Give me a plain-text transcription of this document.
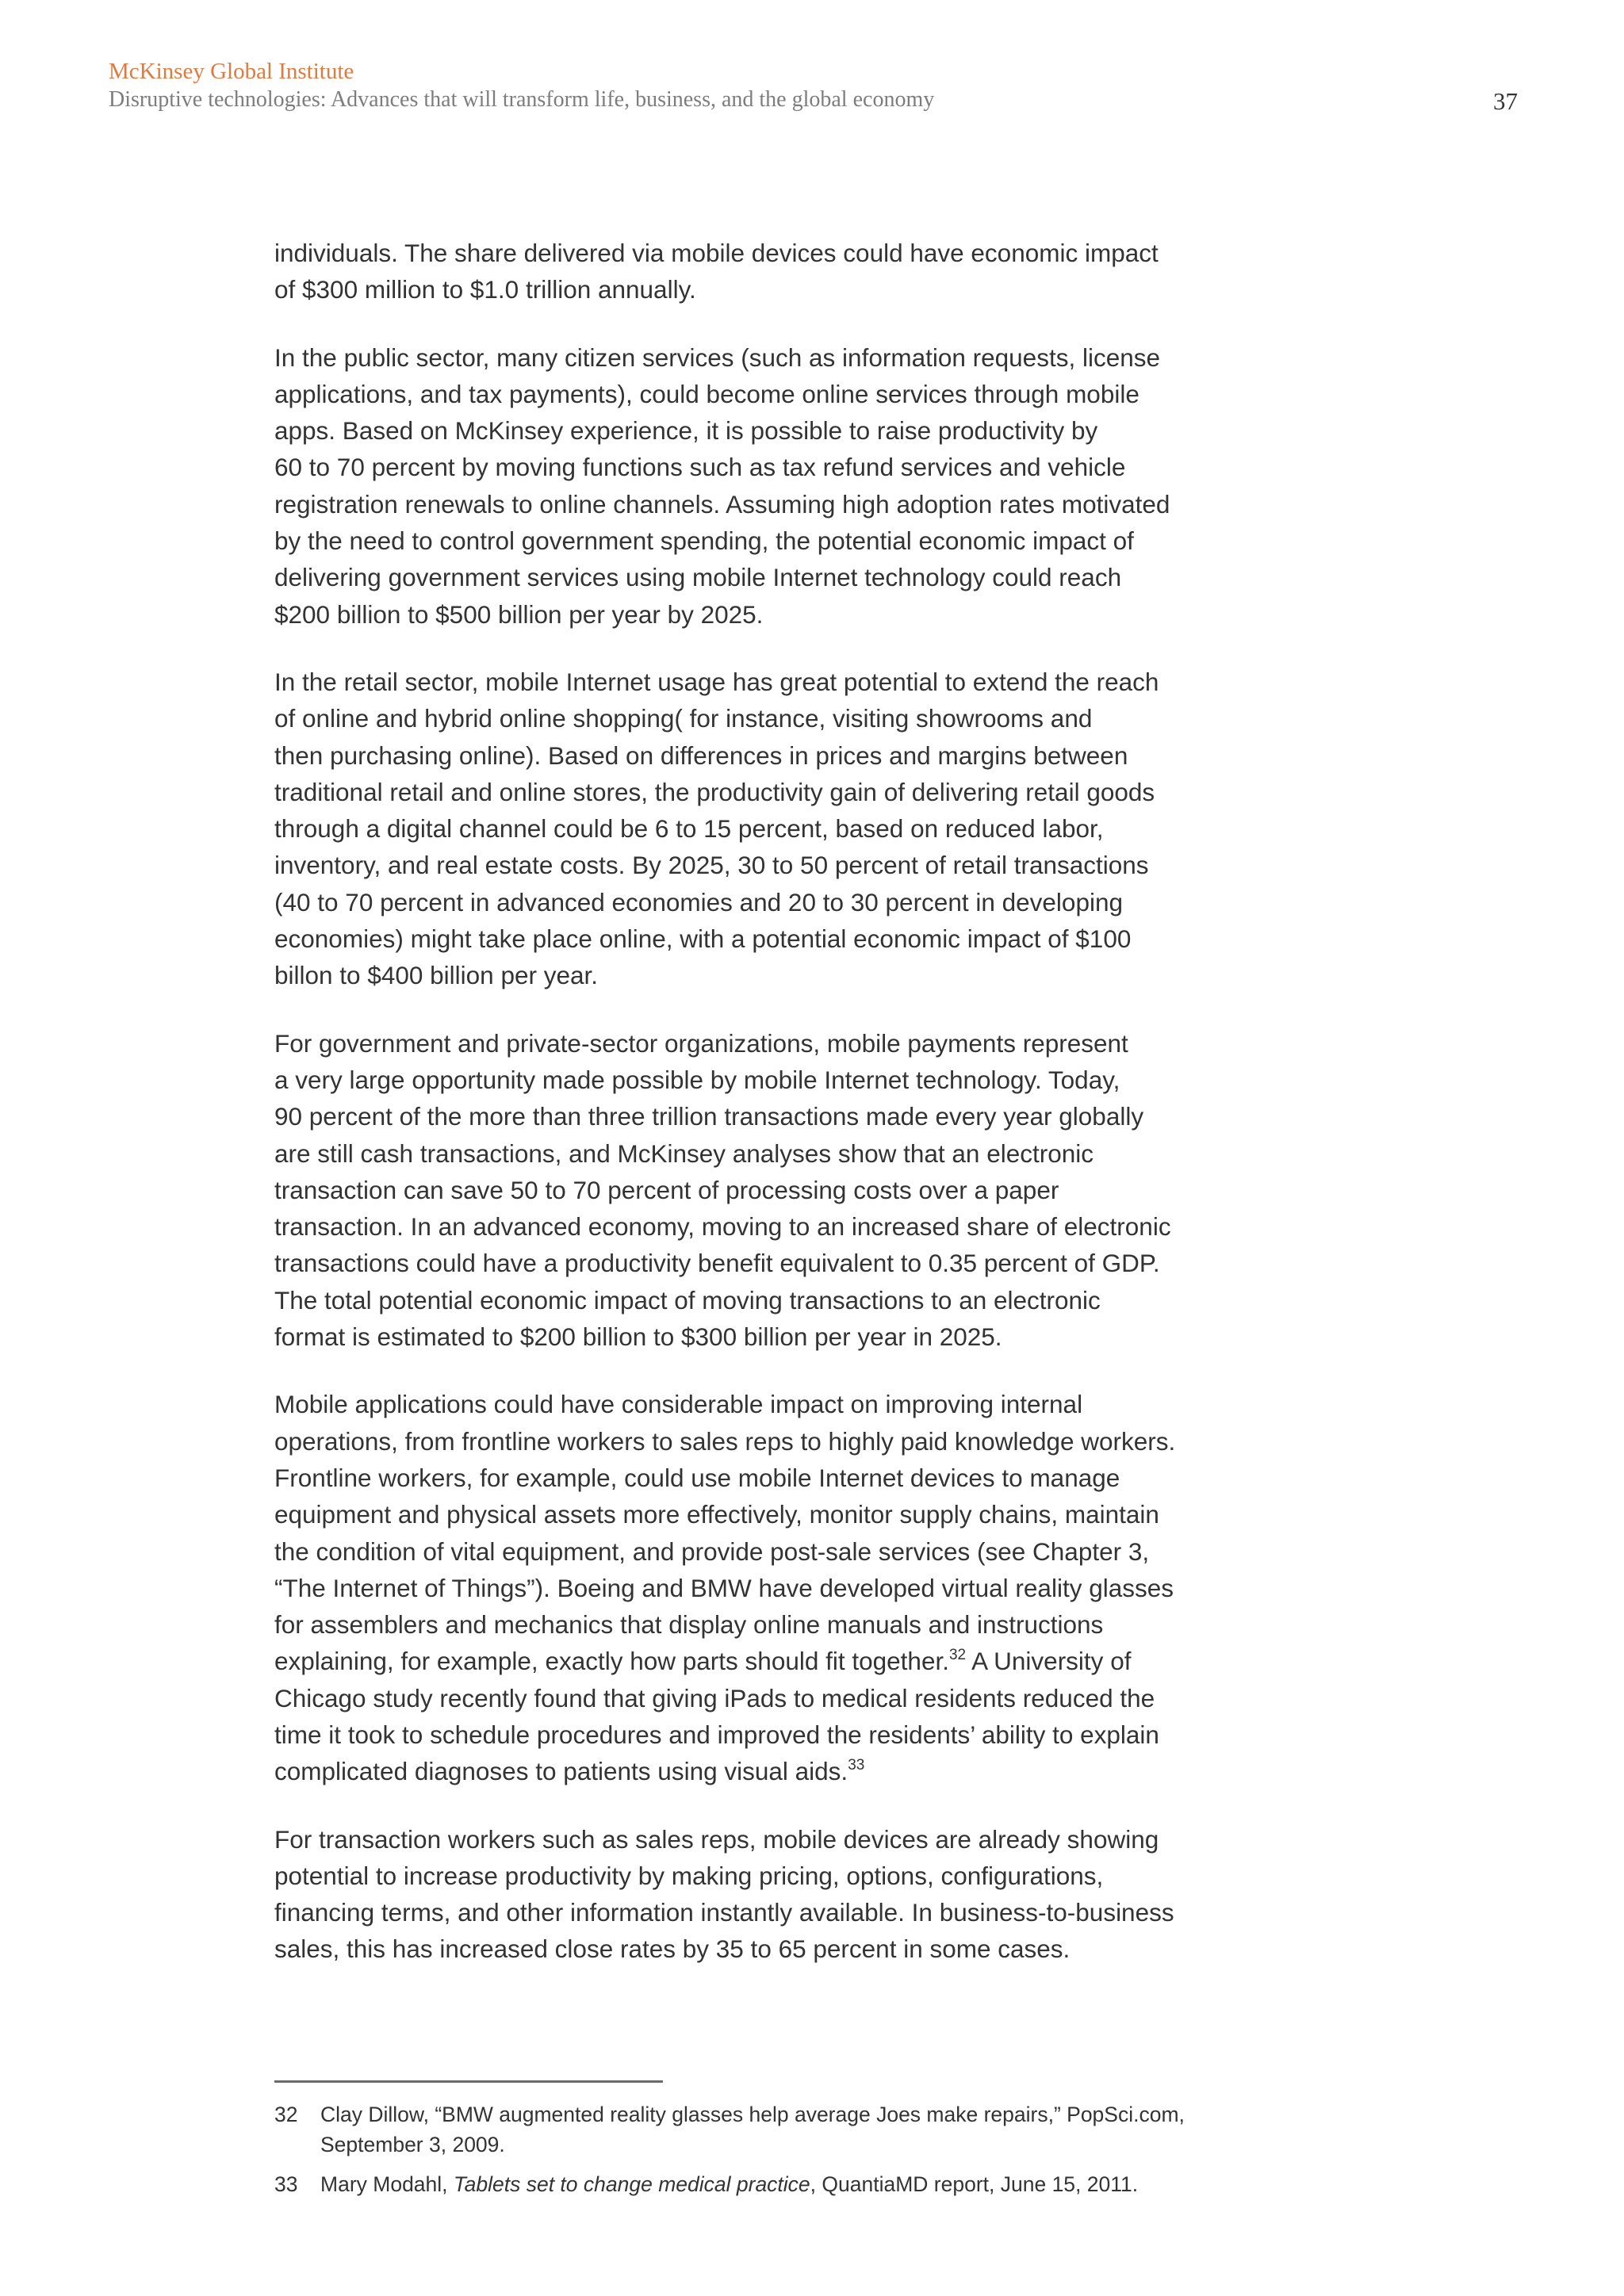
McKinsey Global Institute
Disruptive technologies: Advances that will transform life, business, and the global economy	37

individuals. The share delivered via mobile devices could have economic impact
of $300 million to $1.0 trillion annually.

In the public sector, many citizen services (such as information requests, license
applications, and tax payments), could become online services through mobile
apps. Based on McKinsey experience, it is possible to raise productivity by
60 to 70 percent by moving functions such as tax refund services and vehicle
registration renewals to online channels. Assuming high adoption rates motivated
by the need to control government spending, the potential economic impact of
delivering government services using mobile Internet technology could reach
$200 billion to $500 billion per year by 2025.

In the retail sector, mobile Internet usage has great potential to extend the reach
of online and hybrid online shopping( for instance, visiting showrooms and
then purchasing online). Based on differences in prices and margins between
traditional retail and online stores, the productivity gain of delivering retail goods
through a digital channel could be 6 to 15 percent, based on reduced labor,
inventory, and real estate costs. By 2025, 30 to 50 percent of retail transactions
(40 to 70 percent in advanced economies and 20 to 30 percent in developing
economies) might take place online, with a potential economic impact of $100
billon to $400 billion per year.

For government and private-sector organizations, mobile payments represent
a very large opportunity made possible by mobile Internet technology. Today,
90 percent of the more than three trillion transactions made every year globally
are still cash transactions, and McKinsey analyses show that an electronic
transaction can save 50 to 70 percent of processing costs over a paper
transaction. In an advanced economy, moving to an increased share of electronic
transactions could have a productivity benefit equivalent to 0.35 percent of GDP.
The total potential economic impact of moving transactions to an electronic
format is estimated to $200 billion to $300 billion per year in 2025.

Mobile applications could have considerable impact on improving internal
operations, from frontline workers to sales reps to highly paid knowledge workers.
Frontline workers, for example, could use mobile Internet devices to manage
equipment and physical assets more effectively, monitor supply chains, maintain
the condition of vital equipment, and provide post-sale services (see Chapter 3,
“The Internet of Things”). Boeing and BMW have developed virtual reality glasses
for assemblers and mechanics that display online manuals and instructions
explaining, for example, exactly how parts should fit together.$^{32}$ A University of
Chicago study recently found that giving iPads to medical residents reduced the
time it took to schedule procedures and improved the residents’ ability to explain
complicated diagnoses to patients using visual aids.$^{33}$

For transaction workers such as sales reps, mobile devices are already showing
potential to increase productivity by making pricing, options, configurations,
financing terms, and other information instantly available. In business-to-business
sales, this has increased close rates by 35 to 65 percent in some cases.

32	Clay Dillow, “BMW augmented reality glasses help average Joes make repairs,” PopSci.com,
September 3, 2009.
33	Mary Modahl, Tablets set to change medical practice, QuantiaMD report, June 15, 2011.
